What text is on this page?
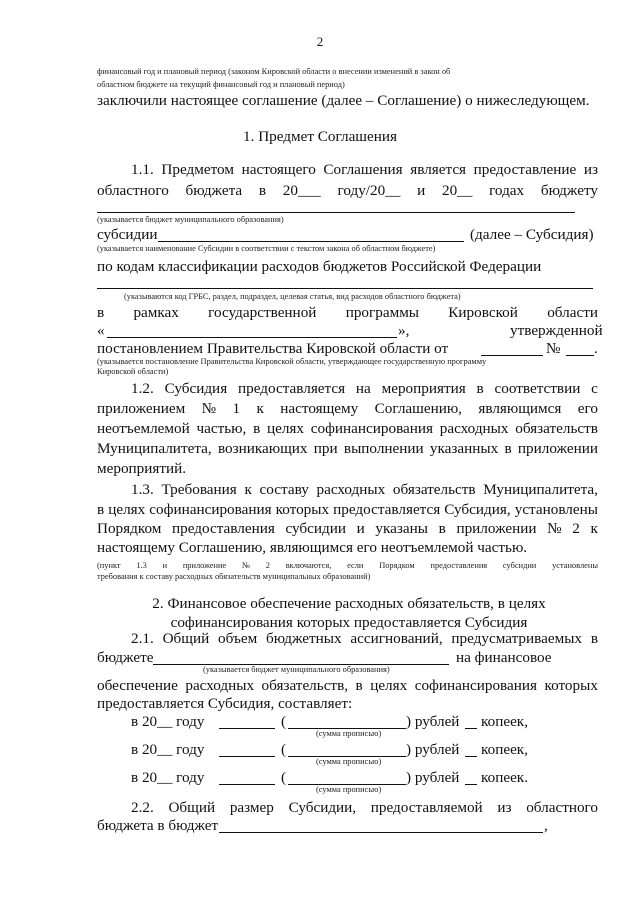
2
финансовый год и плановый период (законом Кировской области о внесении изменений в закон об
областном бюджете на текущий финансовый год и плановый период)
заключили настоящее соглашение (далее – Соглашение) о нижеследующем.
1. Предмет Соглашения
1.1. Предметом настоящего Соглашения является предоставление из
областного бюджета в 20___ году/20__ и 20__ годах бюджету
(указывается бюджет муниципального образования)
субсидии	(далее – Субсидия)
(указывается наименование Субсидии в соответствии с текстом закона об областном бюджете)
по кодам классификации расходов бюджетов Российской Федерации
(указываются код ГРБС, раздел, подраздел, целевая статья, вид расходов областного бюджета)
в рамках государственной программы Кировской области
«	»,	утвержденной
постановлением Правительства Кировской области от	№ .
(указывается постановление Правительства Кировской области, утверждающее государственную программу
Кировской области)
1.2. Субсидия предоставляется на мероприятия в соответствии с
приложением № 1 к настоящему Соглашению, являющимся его
неотъемлемой частью, в целях софинансирования расходных обязательств
Муниципалитета, возникающих при выполнении указанных в приложении
мероприятий.
1.3. Требования к составу расходных обязательств Муниципалитета,
в целях софинансирования которых предоставляется Субсидия, установлены
Порядком предоставления субсидии и указаны в приложении № 2 к
настоящему Соглашению, являющимся его неотъемлемой частью.
(пункт 1.3 и приложение № 2 включаются, если Порядком предоставления субсидии установлены
требования к составу расходных обязательств муниципальных образований)
2. Финансовое обеспечение расходных обязательств, в целях
софинансирования которых предоставляется Субсидия
2.1. Общий объем бюджетных ассигнований, предусматриваемых в
бюджете	на финансовое
(указывается бюджет муниципального образования)
обеспечение расходных обязательств, в целях софинансирования которых
предоставляется Субсидия, составляет:
в 20__ году	(	) рублей копеек,
(сумма прописью)
в 20__ году	(	) рублей копеек,
(сумма прописью)
в 20__ году	(	) рублей копеек.
(сумма прописью)
2.2. Общий размер Субсидии, предоставляемой из областного
бюджета в бюджет	,
